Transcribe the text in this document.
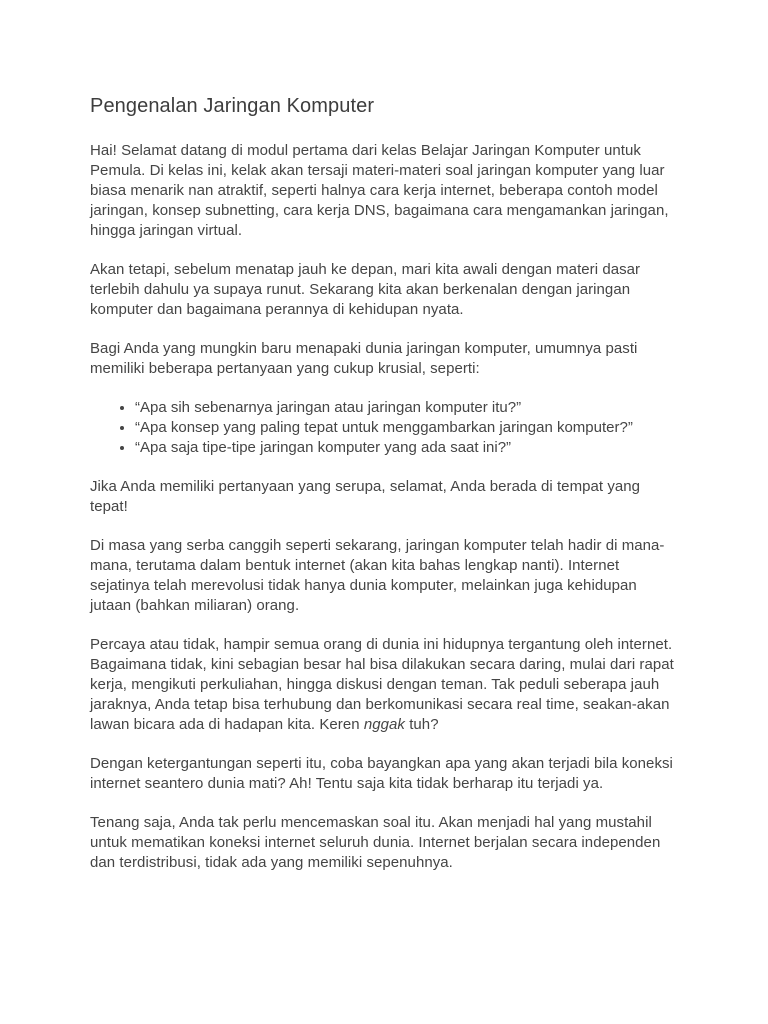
Pengenalan Jaringan Komputer

Hai! Selamat datang di modul pertama dari kelas Belajar Jaringan Komputer untuk Pemula. Di kelas ini, kelak akan tersaji materi-materi soal jaringan komputer yang luar biasa menarik nan atraktif, seperti halnya cara kerja internet, beberapa contoh model jaringan, konsep subnetting, cara kerja DNS, bagaimana cara mengamankan jaringan, hingga jaringan virtual.

Akan tetapi, sebelum menatap jauh ke depan, mari kita awali dengan materi dasar terlebih dahulu ya supaya runut. Sekarang kita akan berkenalan dengan jaringan komputer dan bagaimana perannya di kehidupan nyata.

Bagi Anda yang mungkin baru menapaki dunia jaringan komputer, umumnya pasti memiliki beberapa pertanyaan yang cukup krusial, seperti:

• “Apa sih sebenarnya jaringan atau jaringan komputer itu?”
• “Apa konsep yang paling tepat untuk menggambarkan jaringan komputer?”
• “Apa saja tipe-tipe jaringan komputer yang ada saat ini?”

Jika Anda memiliki pertanyaan yang serupa, selamat, Anda berada di tempat yang tepat!

Di masa yang serba canggih seperti sekarang, jaringan komputer telah hadir di mana-mana, terutama dalam bentuk internet (akan kita bahas lengkap nanti). Internet sejatinya telah merevolusi tidak hanya dunia komputer, melainkan juga kehidupan jutaan (bahkan miliaran) orang.

Percaya atau tidak, hampir semua orang di dunia ini hidupnya tergantung oleh internet. Bagaimana tidak, kini sebagian besar hal bisa dilakukan secara daring, mulai dari rapat kerja, mengikuti perkuliahan, hingga diskusi dengan teman. Tak peduli seberapa jauh jaraknya, Anda tetap bisa terhubung dan berkomunikasi secara real time, seakan-akan lawan bicara ada di hadapan kita. Keren nggak tuh?

Dengan ketergantungan seperti itu, coba bayangkan apa yang akan terjadi bila koneksi internet seantero dunia mati? Ah! Tentu saja kita tidak berharap itu terjadi ya.

Tenang saja, Anda tak perlu mencemaskan soal itu. Akan menjadi hal yang mustahil untuk mematikan koneksi internet seluruh dunia. Internet berjalan secara independen dan terdistribusi, tidak ada yang memiliki sepenuhnya.
